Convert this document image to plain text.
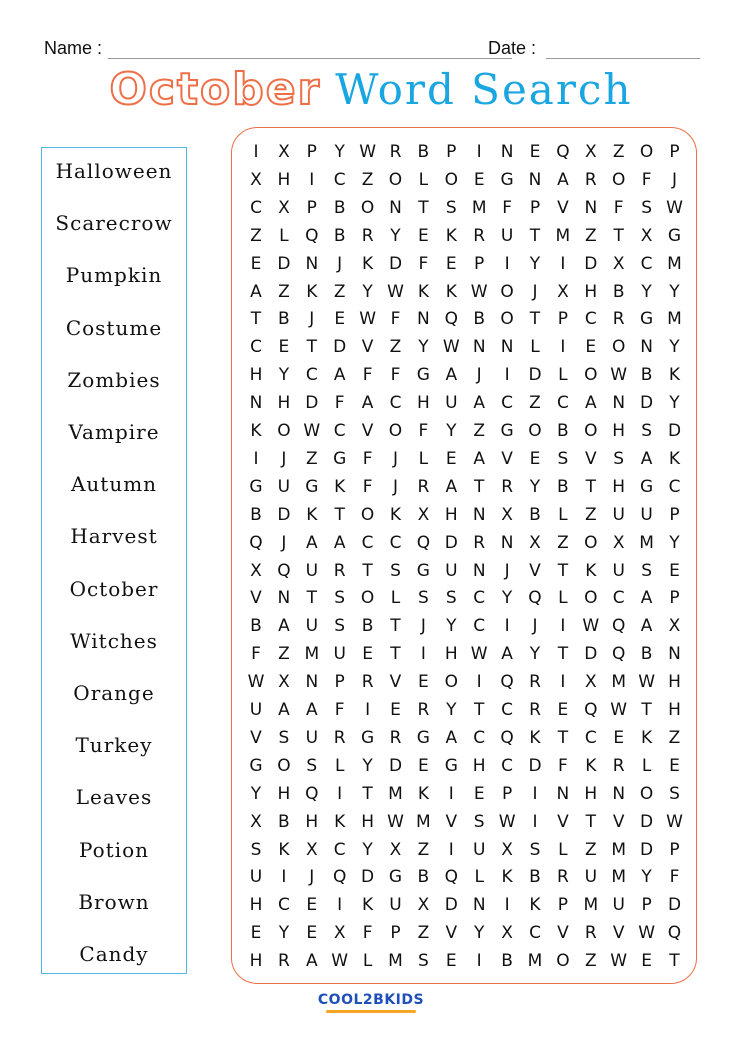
Name :	Date :
October Word Search
Halloween
Scarecrow
Pumpkin
Costume
Zombies
Vampire
Autumn
Harvest
October
Witches
Orange
Turkey
Leaves
Potion
Brown
Candy
I	X P	Y W R B P	I	N E Q X Z O P
X H	I	C Z O L O E G N A R O F	J
C X P B O N T	S M F	P V N F	S W
Z	L Q B R Y	E K R U T M Z T X G
E D N	J	K D F	E	P	I	Y	I	D X C M
A Z K Z Y W K K W O	J	X H B Y	Y
T B	J	E W F N Q B O T	P C R G M
C E	T D V Z Y W N N L	I	E O N Y
H Y C A	F	F G A	J	I	D L O W B K
N H D F	A C H U A C Z C A N D Y
K O W C V O F	Y Z G O B O H S D
I	J	Z G F	J	L	E A V E	S V S A K
G U G K	F	J	R A T R Y B T H G C
B D K	T O K X H N X B	L	Z U U P
Q	J	A A C C Q D R N X Z O X M Y
X Q U R T	S G U N	J	V T	K U S	E
V N T	S O L	S	S C Y Q L O C A P
B A U S B T	J	Y C	I	J	I	W Q A X
F	Z M U E	T	I	H W A Y	T D Q B N
W X N P R V E O	I	Q R	I	X M W H
U A A	F	I	E R Y	T C R E Q W T H
V S U R G R G A C Q K	T C E K Z
G O S	L	Y D E G H C D F	K R	L	E
Y H Q	I	T M K	I	E	P	I	N H N O S
X B H K H W M V S W I	V T V D W
S K X C Y X Z	I	U X S	L	Z M D P
U	I	J	Q D G B Q L	K B R U M Y	F
H C E	I	K U X D N	I	K	P M U P D
E	Y	E X	F	P Z V Y X C V R V W Q
H R A W L M S	E	I	B M O Z W E	T
COOL2BKIDS
